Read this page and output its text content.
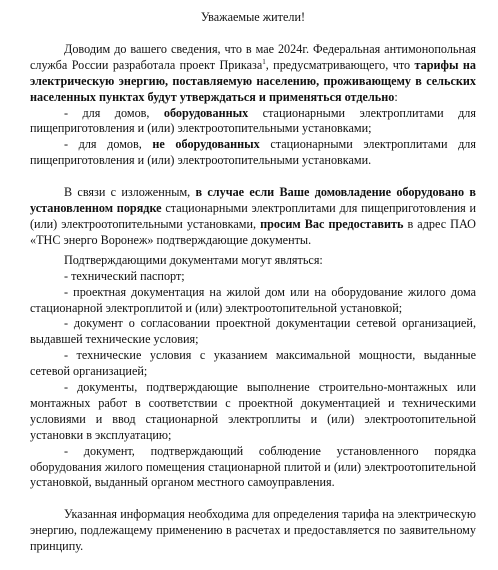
Уважаемые жители!

Доводим до вашего сведения, что в мае 2024г. Федеральная антимонопольная служба России разработала проект Приказа$^1$, предусматривающего, что тарифы на электрическую энергию, поставляемую населению, проживающему в сельских населенных пунктах будут утверждаться и применяться отдельно:

- для домов, оборудованных стационарными электроплитами для пищеприготовления и (или) электроотопительными установками;

- для домов, не оборудованных стационарными электроплитами для пищеприготовления и (или) электроотопительными установками.

В связи с изложенным, в случае если Ваше домовладение оборудовано в установленном порядке стационарными электроплитами для пищеприготовления и (или) электроотопительными установками, просим Вас предоставить в адрес ПАО «ТНС энерго Воронеж» подтверждающие документы.

Подтверждающими документами могут являться:

- технический паспорт;

- проектная документация на жилой дом или на оборудование жилого дома стационарной электроплитой и (или) электроотопительной установкой;

- документ о согласовании проектной документации сетевой организацией, выдавшей технические условия;

- технические условия с указанием максимальной мощности, выданные сетевой организацией;

- документы, подтверждающие выполнение строительно-монтажных или монтажных работ в соответствии с проектной документацией и техническими условиями и ввод стационарной электроплиты и (или) электроотопительной установки в эксплуатацию;

- документ, подтверждающий соблюдение установленного порядка оборудования жилого помещения стационарной плитой и (или) электроотопительной установкой, выданный органом местного самоуправления.

Указанная информация необходима для определения тарифа на электрическую энергию, подлежащему применению в расчетах и предоставляется по заявительному принципу.
